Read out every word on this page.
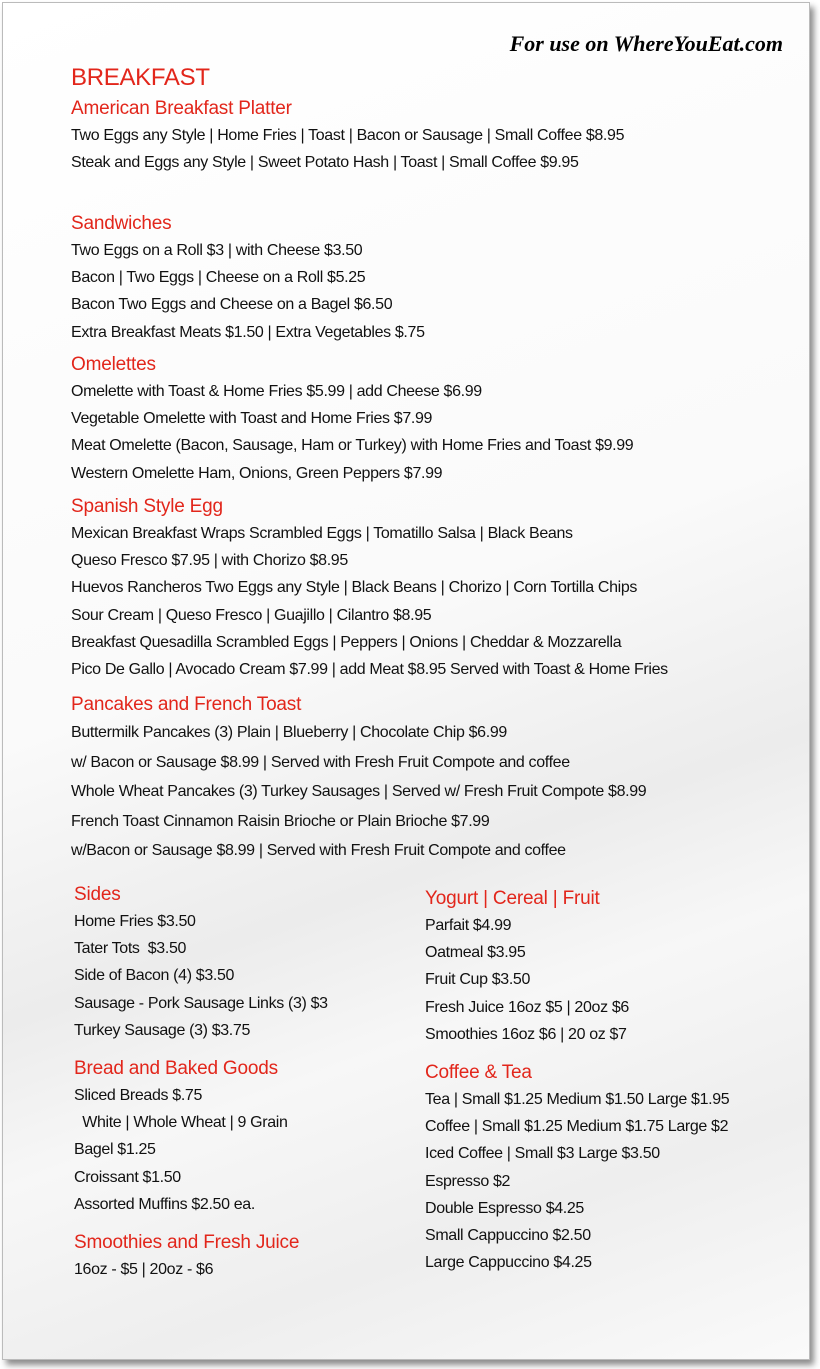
For use on WhereYouEat.com
BREAKFAST
American Breakfast Platter
Two Eggs any Style | Home Fries | Toast | Bacon or Sausage | Small Coffee $8.95
Steak and Eggs any Style | Sweet Potato Hash | Toast | Small Coffee $9.95
Sandwiches
Two Eggs on a Roll $3 | with Cheese $3.50
Bacon | Two Eggs | Cheese on a Roll $5.25
Bacon Two Eggs and Cheese on a Bagel $6.50
Extra Breakfast Meats $1.50 | Extra Vegetables $.75
Omelettes
Omelette with Toast & Home Fries $5.99 | add Cheese $6.99
Vegetable Omelette with Toast and Home Fries $7.99
Meat Omelette (Bacon, Sausage, Ham or Turkey) with Home Fries and Toast $9.99
Western Omelette Ham, Onions, Green Peppers $7.99
Spanish Style Egg
Mexican Breakfast Wraps Scrambled Eggs | Tomatillo Salsa | Black Beans
Queso Fresco $7.95 | with Chorizo $8.95
Huevos Rancheros Two Eggs any Style | Black Beans | Chorizo | Corn Tortilla Chips
Sour Cream | Queso Fresco | Guajillo | Cilantro $8.95
Breakfast Quesadilla Scrambled Eggs | Peppers | Onions | Cheddar & Mozzarella
Pico De Gallo | Avocado Cream $7.99 | add Meat $8.95 Served with Toast & Home Fries
Pancakes and French Toast
Buttermilk Pancakes (3) Plain | Blueberry | Chocolate Chip $6.99
w/ Bacon or Sausage $8.99 | Served with Fresh Fruit Compote and coffee
Whole Wheat Pancakes (3) Turkey Sausages | Served w/ Fresh Fruit Compote $8.99
French Toast Cinnamon Raisin Brioche or Plain Brioche $7.99
w/Bacon or Sausage $8.99 | Served with Fresh Fruit Compote and coffee
Sides
Home Fries $3.50
Tater Tots  $3.50
Side of Bacon (4) $3.50
Sausage - Pork Sausage Links (3) $3
Turkey Sausage (3) $3.75
Bread and Baked Goods
Sliced Breads $.75
White | Whole Wheat | 9 Grain
Bagel $1.25
Croissant $1.50
Assorted Muffins $2.50 ea.
Smoothies and Fresh Juice
16oz - $5 | 20oz - $6
Yogurt | Cereal | Fruit
Parfait $4.99
Oatmeal $3.95
Fruit Cup $3.50
Fresh Juice 16oz $5 | 20oz $6
Smoothies 16oz $6 | 20 oz $7
Coffee & Tea
Tea | Small $1.25 Medium $1.50 Large $1.95
Coffee | Small $1.25 Medium $1.75 Large $2
Iced Coffee | Small $3 Large $3.50
Espresso $2
Double Espresso $4.25
Small Cappuccino $2.50
Large Cappuccino $4.25
